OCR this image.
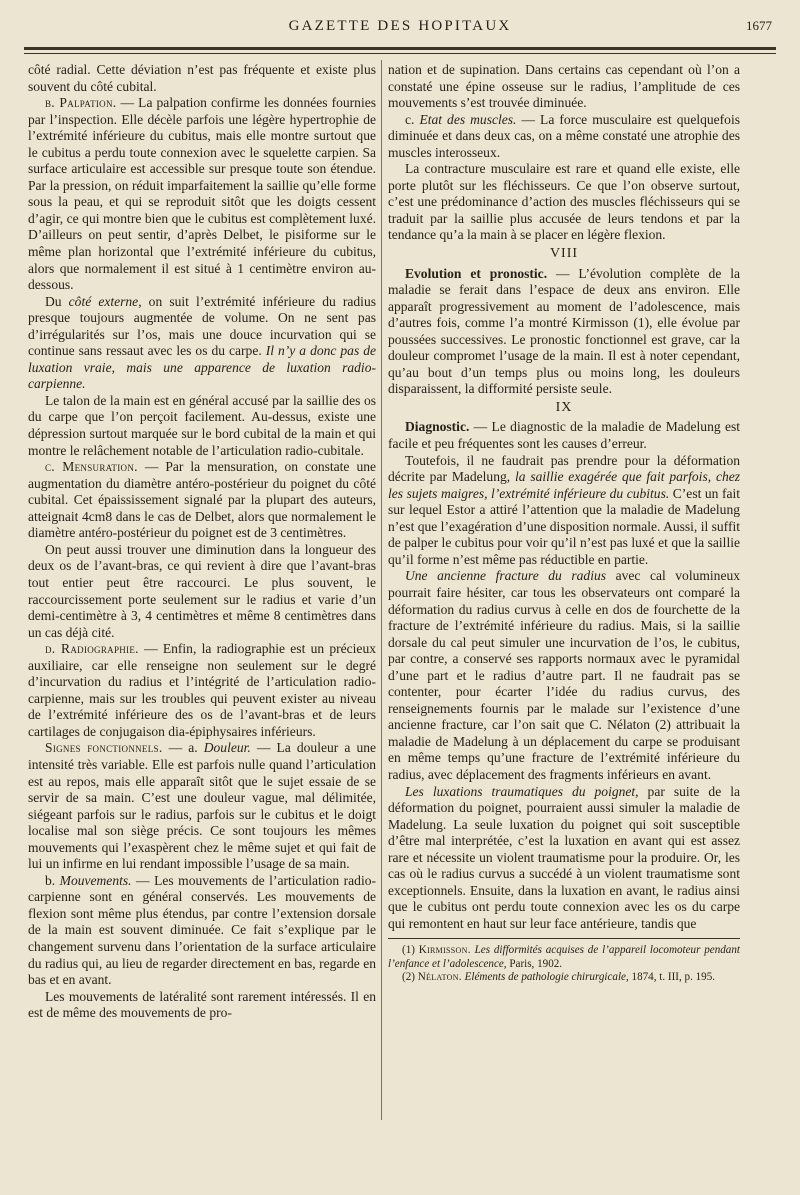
GAZETTE DES HOPITAUX	1677

côté radial. Cette déviation n’est pas fréquente et existe plus souvent du côté cubital.

b. Palpation. — La palpation confirme les données fournies par l’inspection. Elle décèle parfois une légère hypertrophie de l’extrémité inférieure du cubitus, mais elle montre surtout que le cubitus a perdu toute connexion avec le squelette carpien. Sa surface articulaire est accessible sur presque toute son étendue. Par la pression, on réduit imparfaitement la saillie qu’elle forme sous la peau, et qui se reproduit sitôt que les doigts cessent d’agir, ce qui montre bien que le cubitus est complètement luxé. D’ailleurs on peut sentir, d’après Delbet, le pisiforme sur le même plan horizontal que l’extrémité inférieure du cubitus, alors que normalement il est situé à 1 centimètre environ au-dessous.

Du côté externe, on suit l’extrémité inférieure du radius presque toujours augmentée de volume. On ne sent pas d’irrégularités sur l’os, mais une douce incurvation qui se continue sans ressaut avec les os du carpe. Il n’y a donc pas de luxation vraie, mais une apparence de luxation radio-carpienne.

Le talon de la main est en général accusé par la saillie des os du carpe que l’on perçoit facilement. Au-dessus, existe une dépression surtout marquée sur le bord cubital de la main et qui montre le relâchement notable de l’articulation radio-cubitale.

c. Mensuration. — Par la mensuration, on constate une augmentation du diamètre antéro-postérieur du poignet du côté cubital. Cet épaississement signalé par la plupart des auteurs, atteignait 4cm8 dans le cas de Delbet, alors que normalement le diamètre antéro-postérieur du poignet est de 3 centimètres.

On peut aussi trouver une diminution dans la longueur des deux os de l’avant-bras, ce qui revient à dire que l’avant-bras tout entier peut être raccourci. Le plus souvent, le raccourcissement porte seulement sur le radius et varie d’un demi-centimètre à 3, 4 centimètres et même 8 centimètres dans un cas déjà cité.

d. Radiographie. — Enfin, la radiographie est un précieux auxiliaire, car elle renseigne non seulement sur le degré d’incurvation du radius et l’intégrité de l’articulation radio-carpienne, mais sur les troubles qui peuvent exister au niveau de l’extrémité inférieure des os de l’avant-bras et de leurs cartilages de conjugaison dia-épiphysaires inférieurs.

Signes fonctionnels. — a. Douleur. — La douleur a une intensité très variable. Elle est parfois nulle quand l’articulation est au repos, mais elle apparaît sitôt que le sujet essaie de se servir de sa main. C’est une douleur vague, mal délimitée, siégeant parfois sur le radius, parfois sur le cubitus et le doigt localise mal son siège précis. Ce sont toujours les mêmes mouvements qui l’exaspèrent chez le même sujet et qui fait de lui un infirme en lui rendant impossible l’usage de sa main.

b. Mouvements. — Les mouvements de l’articulation radio-carpienne sont en général conservés. Les mouvements de flexion sont même plus étendus, par contre l’extension dorsale de la main est souvent diminuée. Ce fait s’explique par le changement survenu dans l’orientation de la surface articulaire du radius qui, au lieu de regarder directement en bas, regarde en bas et en avant.

Les mouvements de latéralité sont rarement intéressés. Il en est de même des mouvements de pro-

nation et de supination. Dans certains cas cependant où l’on a constaté une épine osseuse sur le radius, l’amplitude de ces mouvements s’est trouvée diminuée.

c. Etat des muscles. — La force musculaire est quelquefois diminuée et dans deux cas, on a même constaté une atrophie des muscles interosseux.

La contracture musculaire est rare et quand elle existe, elle porte plutôt sur les fléchisseurs. Ce que l’on observe surtout, c’est une prédominance d’action des muscles fléchisseurs qui se traduit par la saillie plus accusée de leurs tendons et par la tendance qu’a la main à se placer en légère flexion.

VIII

Evolution et pronostic. — L’évolution complète de la maladie se ferait dans l’espace de deux ans environ. Elle apparaît progressivement au moment de l’adolescence, mais d’autres fois, comme l’a montré Kirmisson (1), elle évolue par poussées successives. Le pronostic fonctionnel est grave, car la douleur compromet l’usage de la main. Il est à noter cependant, qu’au bout d’un temps plus ou moins long, les douleurs disparaissent, la difformité persiste seule.

IX

Diagnostic. — Le diagnostic de la maladie de Madelung est facile et peu fréquentes sont les causes d’erreur.

Toutefois, il ne faudrait pas prendre pour la déformation décrite par Madelung, la saillie exagérée que fait parfois, chez les sujets maigres, l’extrémité inférieure du cubitus. C’est un fait sur lequel Estor a attiré l’attention que la maladie de Madelung n’est que l’exagération d’une disposition normale. Aussi, il suffit de palper le cubitus pour voir qu’il n’est pas luxé et que la saillie qu’il forme n’est même pas réductible en partie.

Une ancienne fracture du radius avec cal volumineux pourrait faire hésiter, car tous les observateurs ont comparé la déformation du radius curvus à celle en dos de fourchette de la fracture de l’extrémité inférieure du radius. Mais, si la saillie dorsale du cal peut simuler une incurvation de l’os, le cubitus, par contre, a conservé ses rapports normaux avec le pyramidal d’une part et le radius d’autre part. Il ne faudrait pas se contenter, pour écarter l’idée du radius curvus, des renseignements fournis par le malade sur l’existence d’une ancienne fracture, car l’on sait que C. Nélaton (2) attribuait la maladie de Madelung à un déplacement du carpe se produisant en même temps qu’une fracture de l’extrémité inférieure du radius, avec déplacement des fragments inférieurs en avant.

Les luxations traumatiques du poignet, par suite de la déformation du poignet, pourraient aussi simuler la maladie de Madelung. La seule luxation du poignet qui soit susceptible d’être mal interprétée, c’est la luxation en avant qui est assez rare et nécessite un violent traumatisme pour la produire. Or, les cas où le radius curvus a succédé à un violent traumatisme sont exceptionnels. Ensuite, dans la luxation en avant, le radius ainsi que le cubitus ont perdu toute connexion avec les os du carpe qui remontent en haut sur leur face antérieure, tandis que

(1) Kirmisson. Les difformités acquises de l’appareil locomoteur pendant l’enfance et l’adolescence, Paris, 1902.

(2) Nélaton. Eléments de pathologie chirurgicale, 1874, t. III, p. 195.
